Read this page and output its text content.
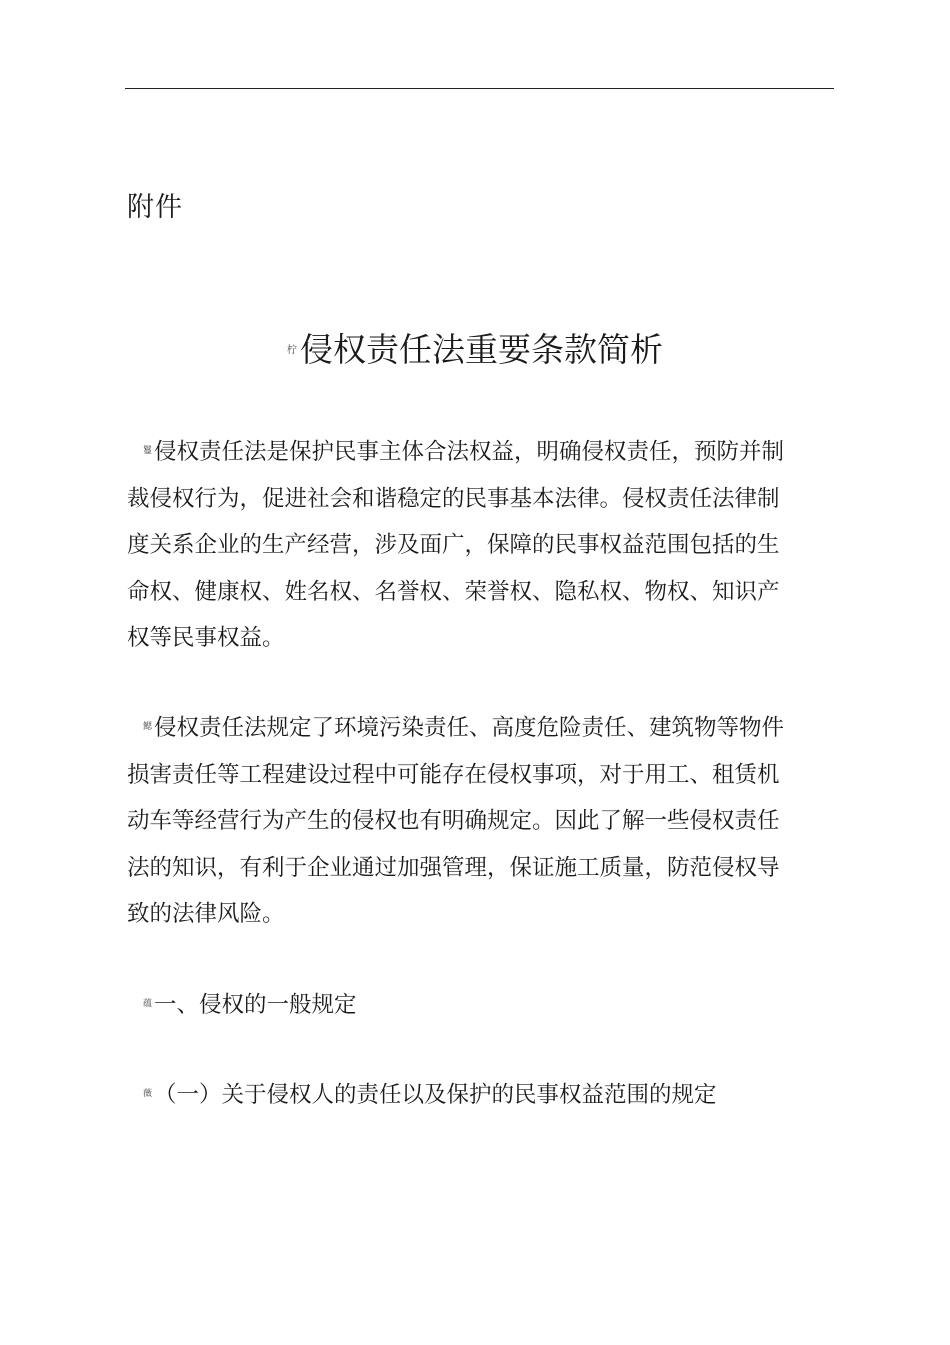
附件
$^柠$侵权责任法重要条款简析
$^鬘$侵权责任法是保护民事主体合法权益，明确侵权责任，预防并制裁侵权行为，促进社会和谐稳定的民事基本法律。侵权责任法律制度关系企业的生产经营，涉及面广，保障的民事权益范围包括的生命权、健康权、姓名权、名誉权、荣誉权、隐私权、物权、知识产权等民事权益。
$^鳃$侵权责任法规定了环境污染责任、高度危险责任、建筑物等物件损害责任等工程建设过程中可能存在侵权事项，对于用工、租赁机动车等经营行为产生的侵权也有明确规定。因此了解一些侵权责任法的知识，有利于企业通过加强管理，保证施工质量，防范侵权导致的法律风险。
$^蕴$一、侵权的一般规定
$^薇$（一）关于侵权人的责任以及保护的民事权益范围的规定
